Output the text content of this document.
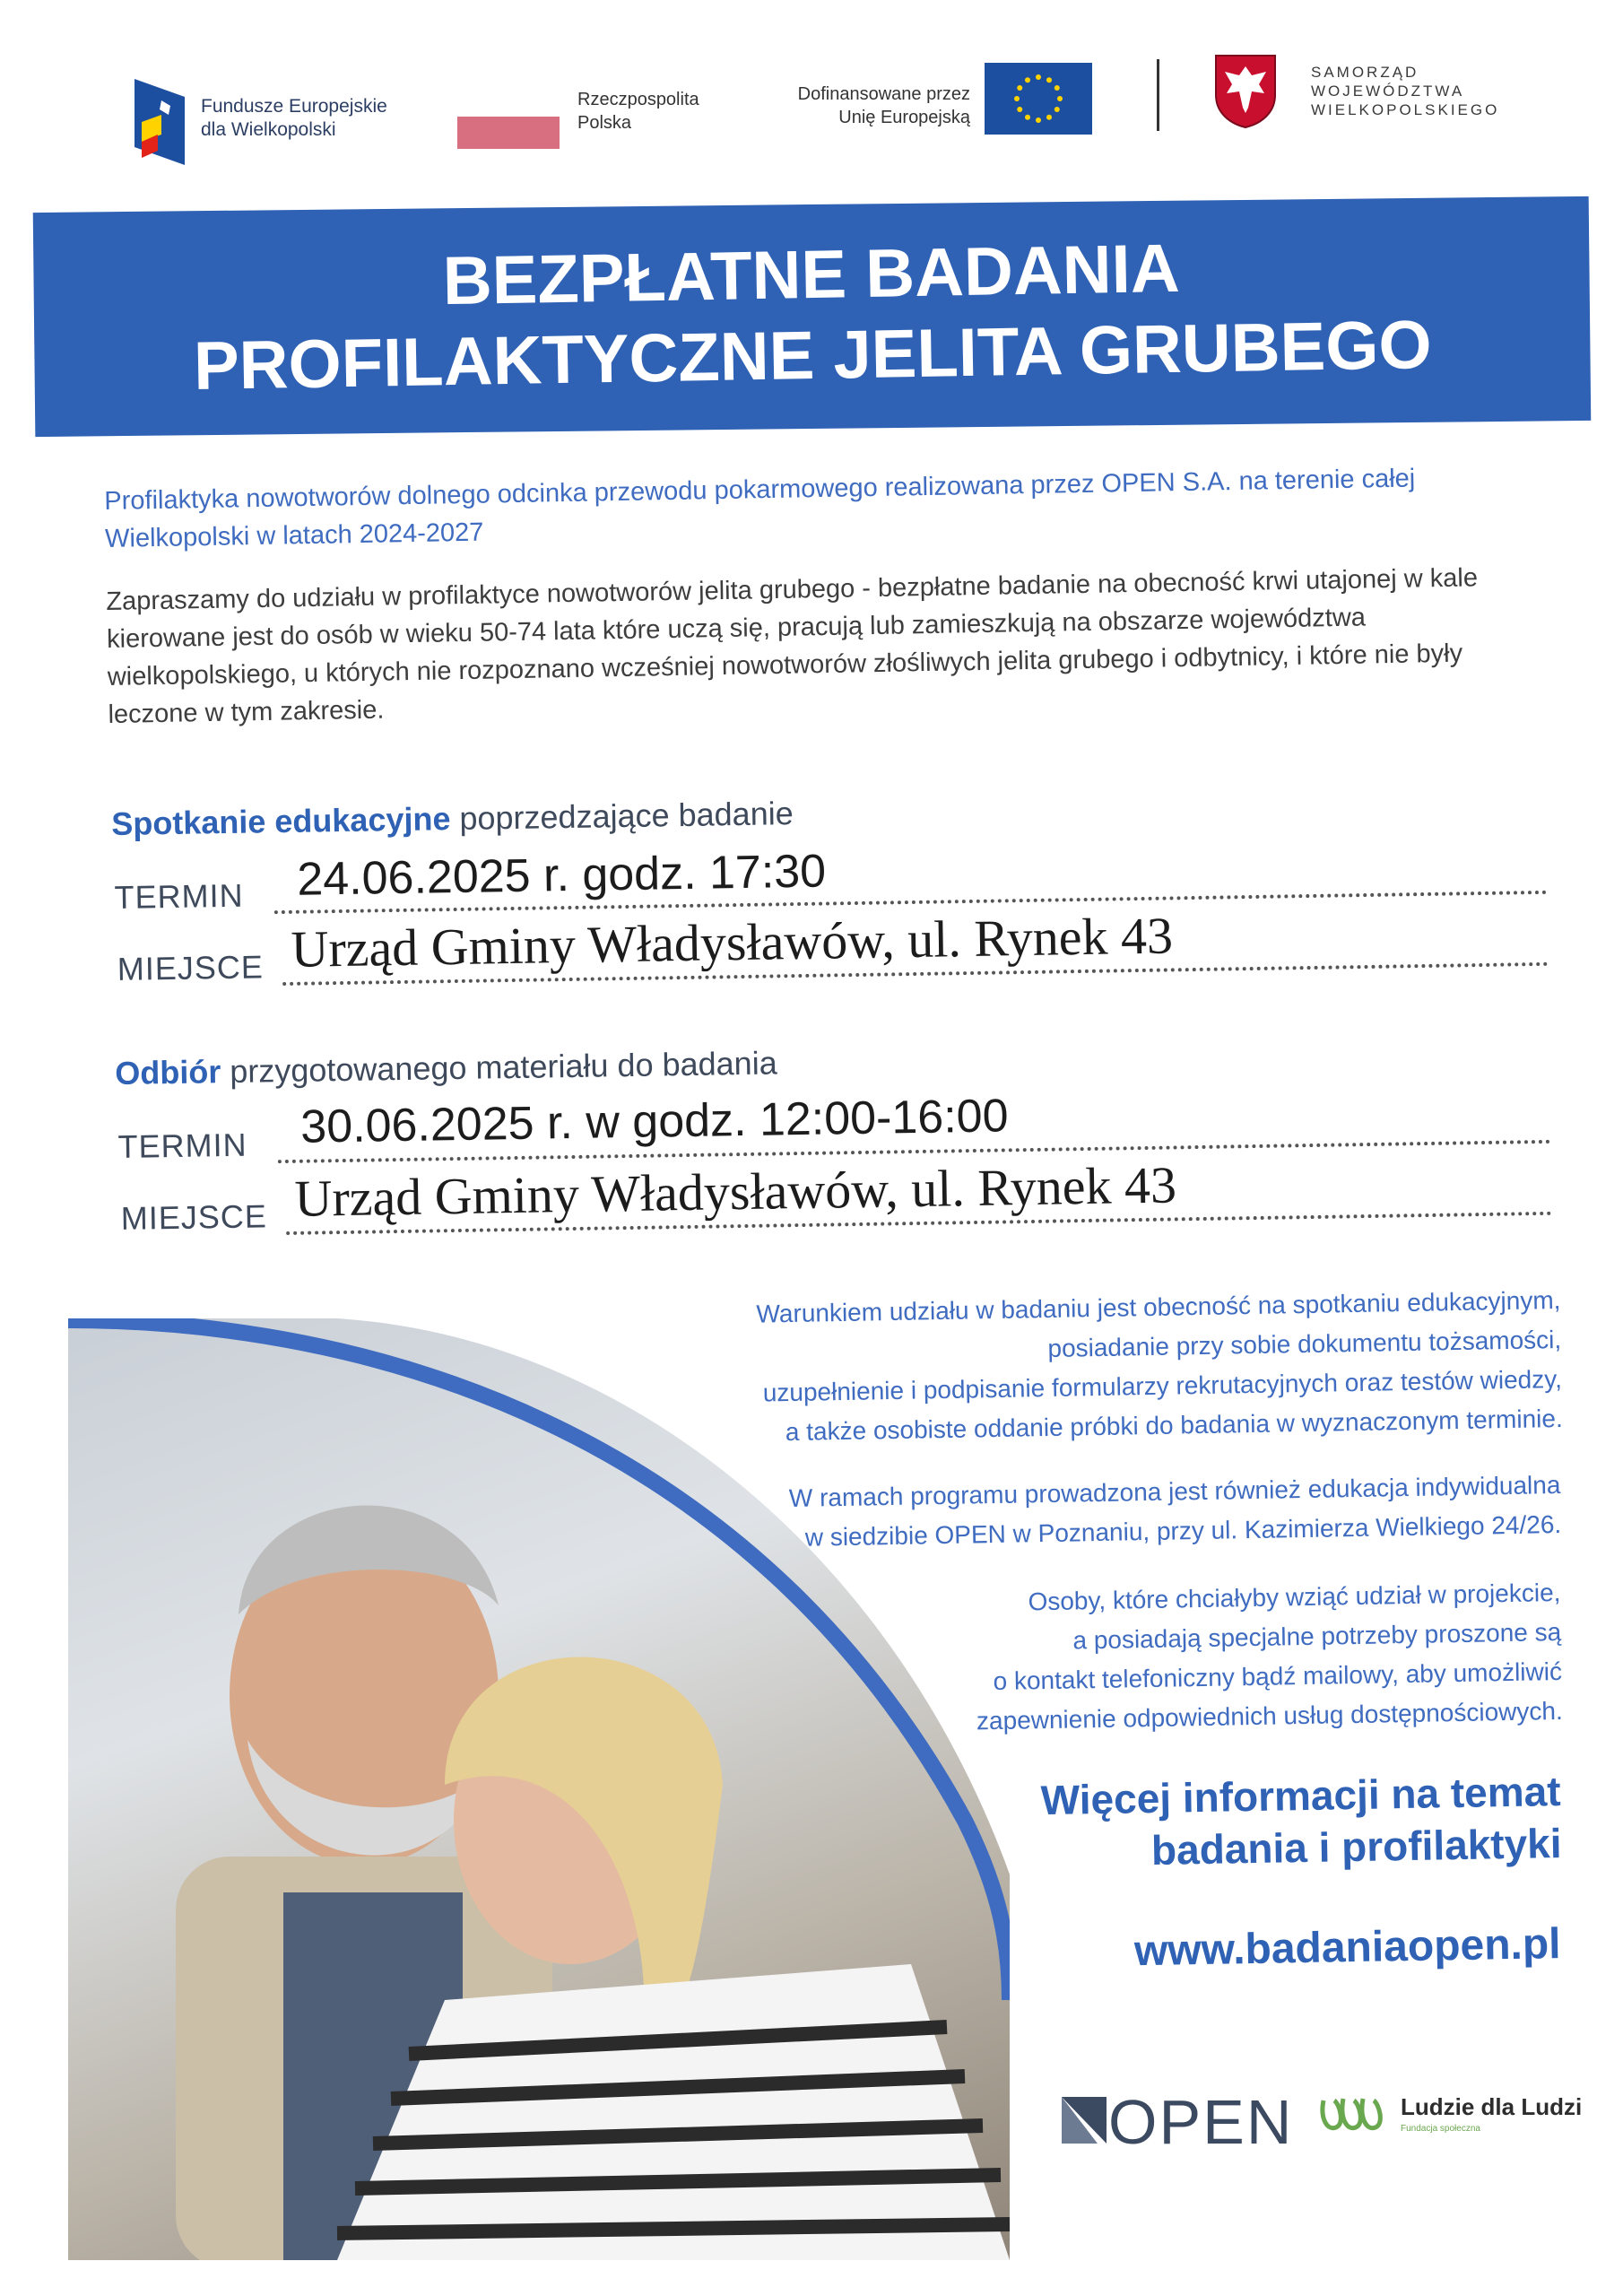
Fundusze Europejskie
dla Wielkopolski
Rzeczpospolita
Polska
Dofinansowane przez
Unię Europejską
SAMORZĄD
WOJEWÓDZTWA
WIELKOPOLSKIEGO
BEZPŁATNE BADANIA
PROFILAKTYCZNE JELITA GRUBEGO
Profilaktyka nowotworów dolnego odcinka przewodu pokarmowego realizowana przez OPEN S.A. na terenie całej Wielkopolski w latach 2024-2027
Zapraszamy do udziału w profilaktyce nowotworów jelita grubego - bezpłatne badanie na obecność krwi utajonej w kale kierowane jest do osób w wieku 50-74 lata które uczą się, pracują lub zamieszkują na obszarze województwa wielkopolskiego, u których nie rozpoznano wcześniej nowotworów złośliwych jelita grubego i odbytnicy, i które nie były leczone w tym zakresie.
Spotkanie edukacyjne poprzedzające badanie
TERMIN 24.06.2025 r. godz. 17:30
MIEJSCE Urząd Gminy Władysławów, ul. Rynek 43
Odbiór przygotowanego materiału do badania
TERMIN 30.06.2025 r. w godz. 12:00-16:00
MIEJSCE Urząd Gminy Władysławów, ul. Rynek 43
Warunkiem udziału w badaniu jest obecność na spotkaniu edukacyjnym,
posiadanie przy sobie dokumentu tożsamości,
uzupełnienie i podpisanie formularzy rekrutacyjnych oraz testów wiedzy,
a także osobiste oddanie próbki do badania w wyznaczonym terminie.
W ramach programu prowadzona jest również edukacja indywidualna
w siedzibie OPEN w Poznaniu, przy ul. Kazimierza Wielkiego 24/26.
Osoby, które chciałyby wziąć udział w projekcie,
a posiadają specjalne potrzeby proszone są
o kontakt telefoniczny bądź mailowy, aby umożliwić
zapewnienie odpowiednich usług dostępnościowych.
Więcej informacji na temat
badania i profilaktyki
www.badaniaopen.pl
OPEN	Ludzie dla Ludzi
Fundacja społeczna
